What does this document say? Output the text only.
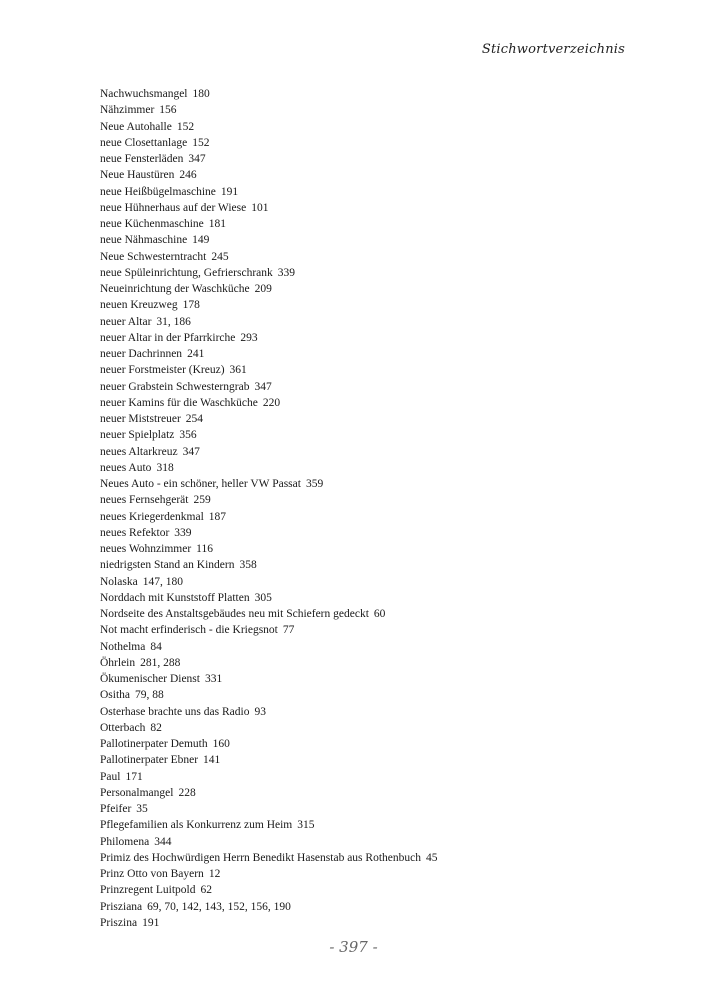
Stichwortverzeichnis
Nachwuchsmangel 180
Nähzimmer 156
Neue Autohalle 152
neue Closettanlage 152
neue Fensterläden 347
Neue Haustüren 246
neue Heißbügelmaschine 191
neue Hühnerhaus auf der Wiese 101
neue Küchenmaschine 181
neue Nähmaschine 149
Neue Schwesterntracht 245
neue Spüleinrichtung, Gefrierschrank 339
Neueinrichtung der Waschküche 209
neuen Kreuzweg 178
neuer Altar 31, 186
neuer Altar in der Pfarrkirche 293
neuer Dachrinnen 241
neuer Forstmeister (Kreuz) 361
neuer Grabstein Schwesterngrab 347
neuer Kamins für die Waschküche 220
neuer Miststreuer 254
neuer Spielplatz 356
neues Altarkreuz 347
neues Auto 318
Neues Auto - ein schöner, heller VW Passat 359
neues Fernsehgerät 259
neues Kriegerdenkmal 187
neues Refektor 339
neues Wohnzimmer 116
niedrigsten Stand an Kindern 358
Nolaska 147, 180
Norddach mit Kunststoff Platten 305
Nordseite des Anstaltsgebäudes neu mit Schiefern gedeckt 60
Not macht erfinderisch - die Kriegsnot 77
Nothelma 84
Öhrlein 281, 288
Ökumenischer Dienst 331
Ositha 79, 88
Osterhase brachte uns das Radio 93
Otterbach 82
Pallotinerpater Demuth 160
Pallotinerpater Ebner 141
Paul 171
Personalmangel 228
Pfeifer 35
Pflegefamilien als Konkurrenz zum Heim 315
Philomena 344
Primiz des Hochwürdigen Herrn Benedikt Hasenstab aus Rothenbuch 45
Prinz Otto von Bayern 12
Prinzregent Luitpold 62
Prisziana 69, 70, 142, 143, 152, 156, 190
Priszina 191
- 397 -
